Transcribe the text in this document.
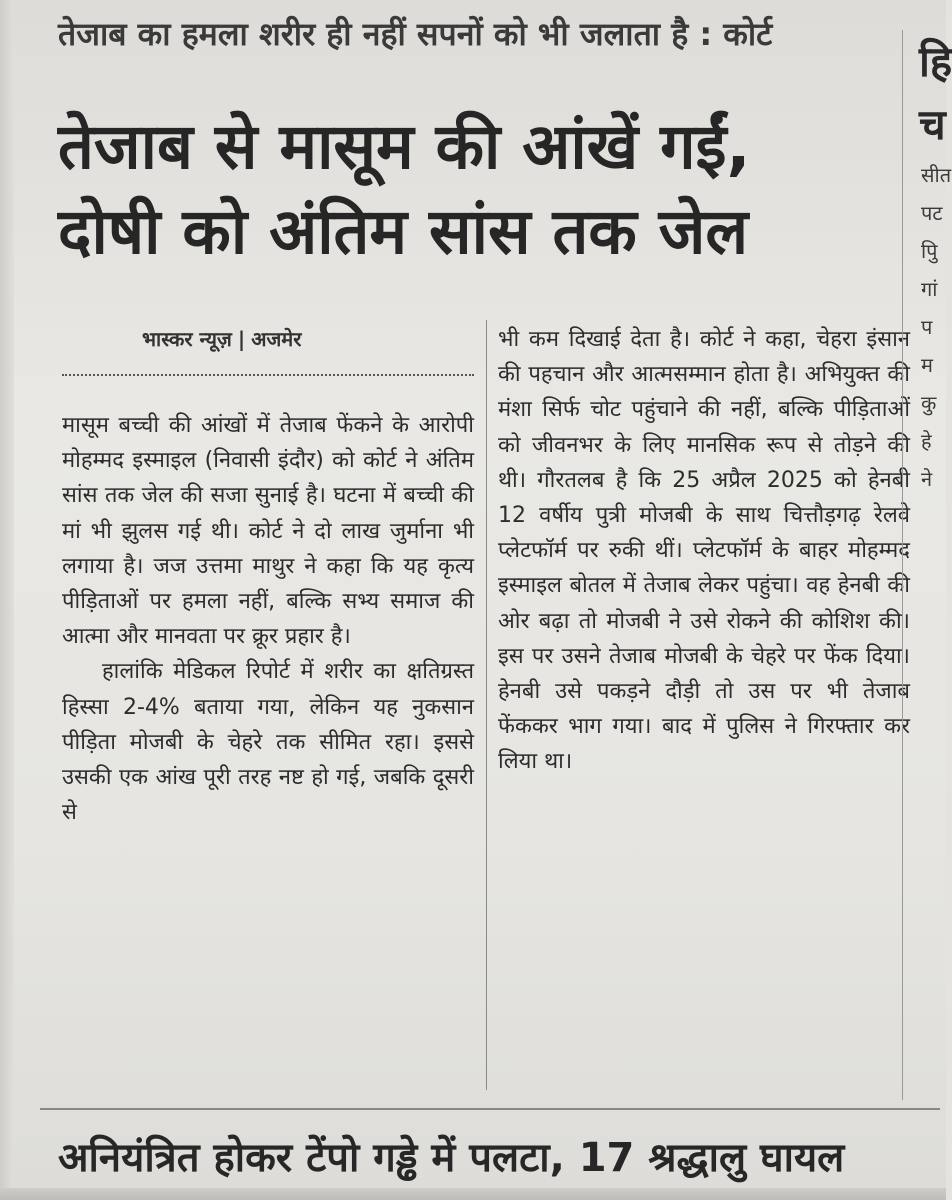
तेजाब का हमला शरीर ही नहीं सपनों को भी जलाता है : कोर्ट
तेजाब से मासूम की आंखें गईं,
दोषी को अंतिम सांस तक जेल
भास्कर न्यूज़ | अजमेर

मासूम बच्ची की आंखों में तेजाब फेंकने के आरोपी मोहम्मद इस्माइल (निवासी इंदौर) को कोर्ट ने अंतिम सांस तक जेल की सजा सुनाई है। घटना में बच्ची की मां भी झुलस गई थी। कोर्ट ने दो लाख जुर्माना भी लगाया है। जज उत्तमा माथुर ने कहा कि यह कृत्य पीड़िताओं पर हमला नहीं, बल्कि सभ्य समाज की आत्मा और मानवता पर क्रूर प्रहार है।

हालांकि मेडिकल रिपोर्ट में शरीर का क्षतिग्रस्त हिस्सा 2-4% बताया गया, लेकिन यह नुकसान पीड़िता मोजबी के चेहरे तक सीमित रहा। इससे उसकी एक आंख पूरी तरह नष्ट हो गई, जबकि दूसरी से

भी कम दिखाई देता है। कोर्ट ने कहा, चेहरा इंसान की पहचान और आत्मसम्मान होता है। अभियुक्त की मंशा सिर्फ चोट पहुंचाने की नहीं, बल्कि पीड़िताओं को जीवनभर के लिए मानसिक रूप से तोड़ने की थी। गौरतलब है कि 25 अप्रैल 2025 को हेनबी 12 वर्षीय पुत्री मोजबी के साथ चित्तौड़गढ़ रेलवे प्लेटफॉर्म पर रुकी थीं। प्लेटफॉर्म के बाहर मोहम्मद इस्माइल बोतल में तेजाब लेकर पहुंचा। वह हेनबी की ओर बढ़ा तो मोजबी ने उसे रोकने की कोशिश की। इस पर उसने तेजाब मोजबी के चेहरे पर फेंक दिया। हेनबी उसे पकड़ने दौड़ी तो उस पर भी तेजाब फेंककर भाग गया। बाद में पुलिस ने गिरफ्तार कर लिया था।

अनियंत्रित होकर टेंपो गड्ढे में पलटा, 17 श्रद्धालु घायल
हि
च
सीत
पट
पुि
गां
प
म
कु
हे
ने
